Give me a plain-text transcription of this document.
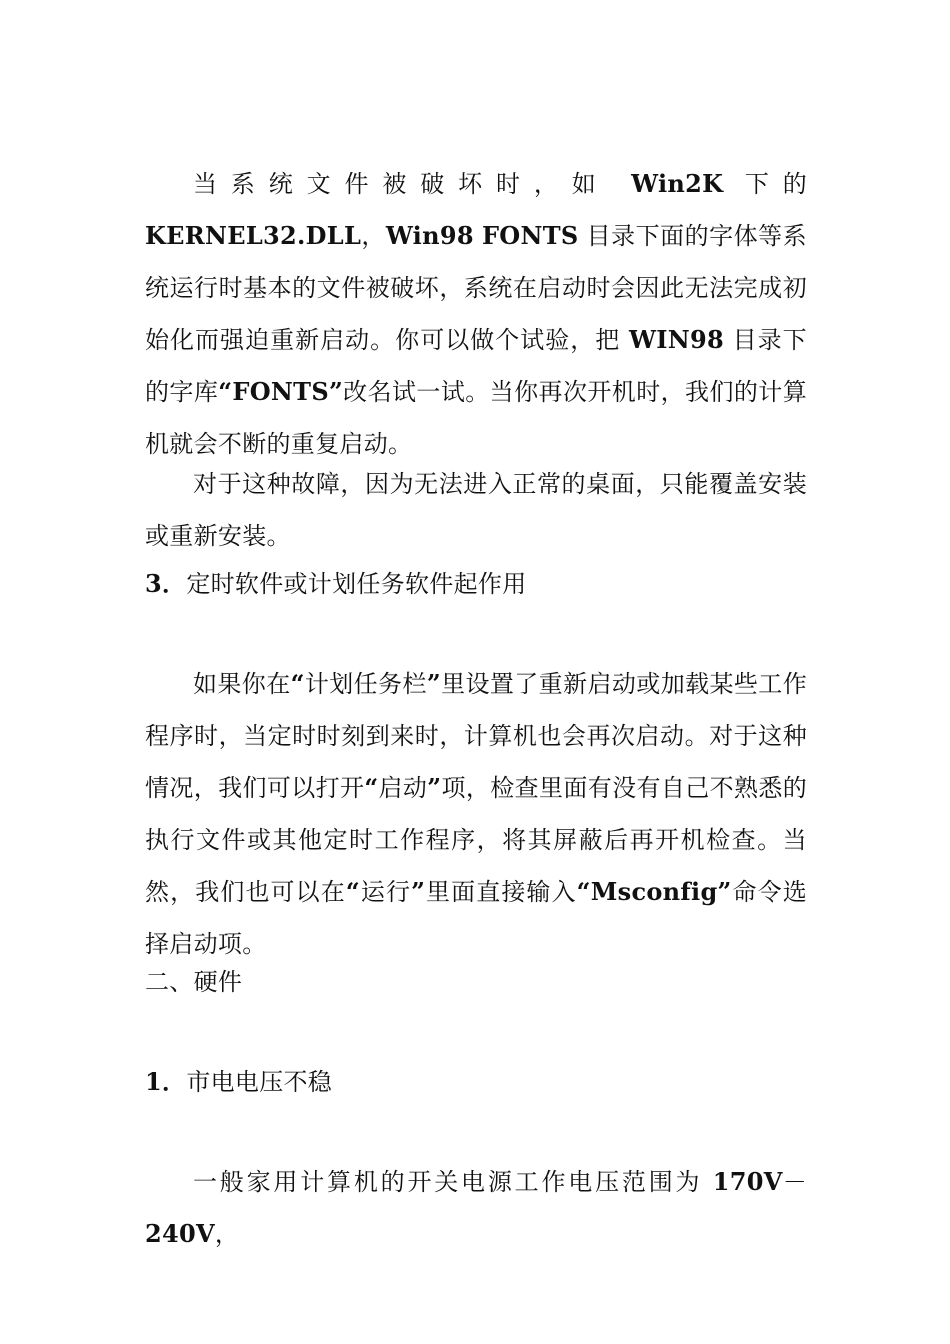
当系统文件被破坏时，如 Win2K 下的 KERNEL32.DLL，Win98 FONTS 目录下面的字体等系统运行时基本的文件被破坏，系统在启动时会因此无法完成初始化而强迫重新启动。你可以做个试验，把 WIN98 目录下的字库“FONTS”改名试一试。当你再次开机时，我们的计算机就会不断的重复启动。

对于这种故障，因为无法进入正常的桌面，只能覆盖安装或重新安装。

3．定时软件或计划任务软件起作用

如果你在“计划任务栏”里设置了重新启动或加载某些工作程序时，当定时时刻到来时，计算机也会再次启动。对于这种情况，我们可以打开“启动”项，检查里面有没有自己不熟悉的执行文件或其他定时工作程序，将其屏蔽后再开机检查。当然，我们也可以在“运行”里面直接输入“Msconfig”命令选择启动项。

二、硬件

1．市电电压不稳

一般家用计算机的开关电源工作电压范围为 170V－240V，
